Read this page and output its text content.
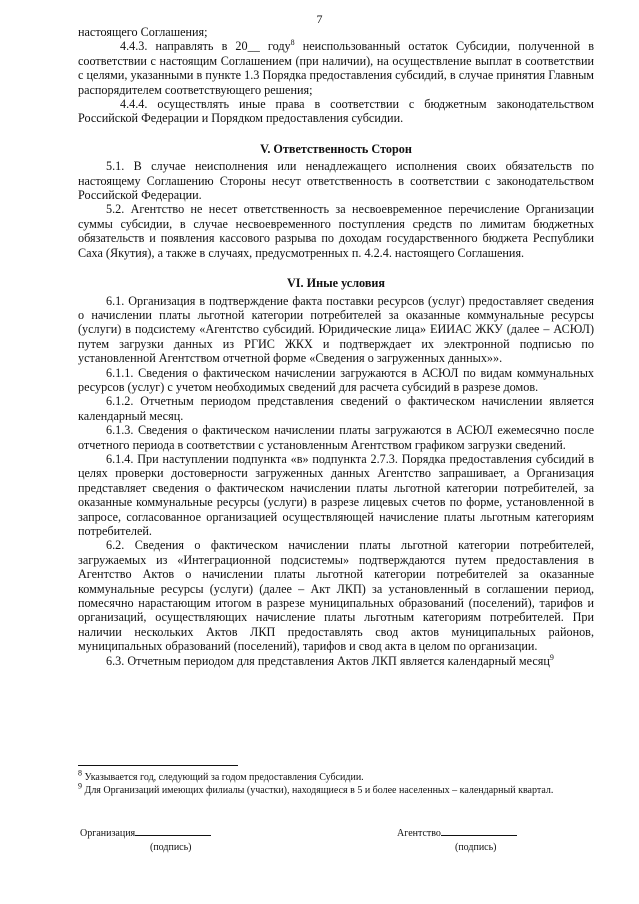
7

настоящего Соглашения;

4.4.3. направлять в 20__ году$^8$ неиспользованный остаток Субсидии, полученной в соответствии с настоящим Соглашением (при наличии), на осуществление выплат в соответствии с целями, указанными в пункте 1.3 Порядка предоставления субсидий, в случае принятия Главным распорядителем соответствующего решения;

4.4.4. осуществлять иные права в соответствии с бюджетным законодательством Российской Федерации и Порядком предоставления субсидии.

V. Ответственность Сторон

5.1. В случае неисполнения или ненадлежащего исполнения своих обязательств по настоящему Соглашению Стороны несут ответственность в соответствии с законодательством Российской Федерации.

5.2. Агентство не несет ответственность за несвоевременное перечисление Организации суммы субсидии, в случае несвоевременного поступления средств по лимитам бюджетных обязательств и появления кассового разрыва по доходам государственного бюджета Республики Саха (Якутия), а также в случаях, предусмотренных п. 4.2.4. настоящего Соглашения.

VI. Иные условия

6.1. Организация в подтверждение факта поставки ресурсов (услуг) предоставляет сведения о начислении платы льготной категории потребителей за оказанные коммунальные ресурсы (услуги) в подсистему «Агентство субсидий. Юридические лица» ЕИИАС ЖКУ (далее – АСЮЛ) путем загрузки данных из РГИС ЖКХ и подтверждает их электронной подписью по установленной Агентством отчетной форме «Сведения о загруженных данных»».

6.1.1. Сведения о фактическом начислении загружаются в АСЮЛ по видам коммунальных ресурсов (услуг) с учетом необходимых сведений для расчета субсидий в разрезе домов.

6.1.2. Отчетным периодом представления сведений о фактическом начислении является календарный месяц.

6.1.3. Сведения о фактическом начислении платы загружаются в АСЮЛ ежемесячно после отчетного периода в соответствии с установленным Агентством графиком загрузки сведений.

6.1.4. При наступлении подпункта «в» подпункта 2.7.3. Порядка предоставления субсидий в целях проверки достоверности загруженных данных Агентство запрашивает, а Организация представляет сведения о фактическом начислении платы льготной категории потребителей, за оказанные коммунальные ресурсы (услуги) в разрезе лицевых счетов по форме, установленной в запросе, согласованное организацией осуществляющей начисление платы льготным категориям потребителей.

6.2. Сведения о фактическом начислении платы льготной категории потребителей, загружаемых из «Интеграционной подсистемы» подтверждаются путем предоставления в Агентство Актов о начислении платы льготной категории потребителей за оказанные коммунальные ресурсы (услуги) (далее – Акт ЛКП) за установленный в соглашении период, помесячно нарастающим итогом в разрезе муниципальных образований (поселений), тарифов и организаций, осуществляющих начисление платы льготным категориям потребителей. При наличии нескольких Актов ЛКП предоставлять свод актов муниципальных районов, муниципальных образований (поселений), тарифов и свод акта в целом по организации.

6.3. Отчетным периодом для представления Актов ЛКП является календарный месяц$^9$

$^8$ Указывается год, следующий за годом предоставления Субсидии.

$^9$ Для Организаций имеющих филиалы (участки), находящиеся в 5 и более населенных – календарный квартал.

Организация
(подпись)
Агентство
(подпись)
